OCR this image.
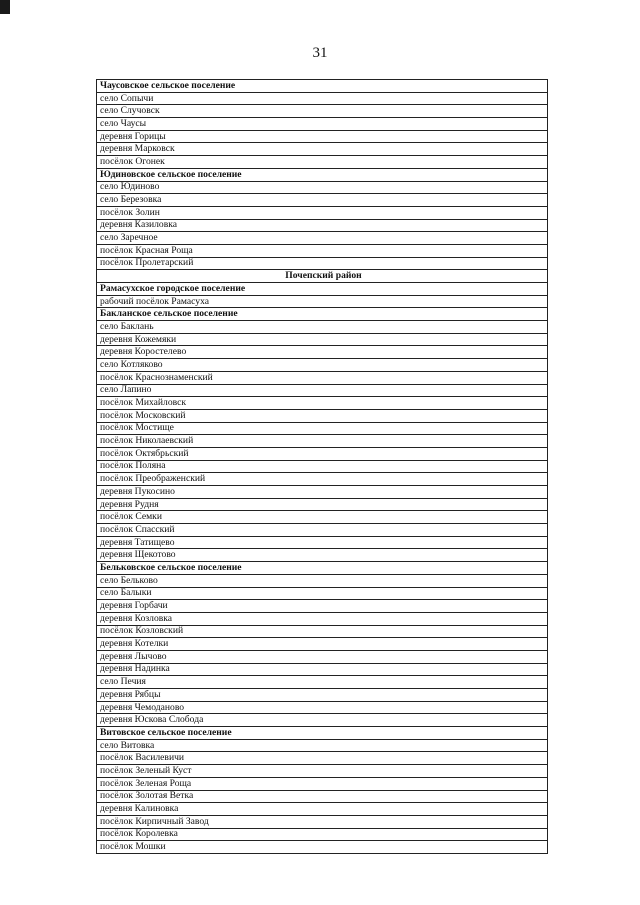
31
Чаусовское сельское поселение
село Сопычи
село Случовск
село Чаусы
деревня Горицы
деревня Марковск
посёлок Огонек
Юдиновское сельское поселение
село Юдиново
село Березовка
посёлок Золин
деревня Казиловка
село Заречное
посёлок Красная Роща
посёлок Пролетарский
Почепский район
Рамасухское городское поселение
рабочий посёлок Рамасуха
Бакланское сельское поселение
село Баклань
деревня Кожемяки
деревня Коростелево
село Котляково
посёлок Краснознаменский
село Лапино
посёлок Михайловск
посёлок Московский
посёлок Мостище
посёлок Николаевский
посёлок Октябрьский
посёлок Поляна
посёлок Преображенский
деревня Пукосино
деревня Рудня
посёлок Семки
посёлок Спасский
деревня Татищево
деревня Щекотово
Бельковское сельское поселение
село Бельково
село Балыки
деревня Горбачи
деревня Козловка
посёлок Козловский
деревня Котелки
деревня Лычово
деревня Надинка
село Печия
деревня Рябцы
деревня Чемоданово
деревня Юскова Слобода
Витовское сельское поселение
село Витовка
посёлок Василевичи
посёлок Зеленый Куст
посёлок Зеленая Роща
посёлок Золотая Ветка
деревня Калиновка
посёлок Кирпичный Завод
посёлок Королевка
посёлок Мошки
